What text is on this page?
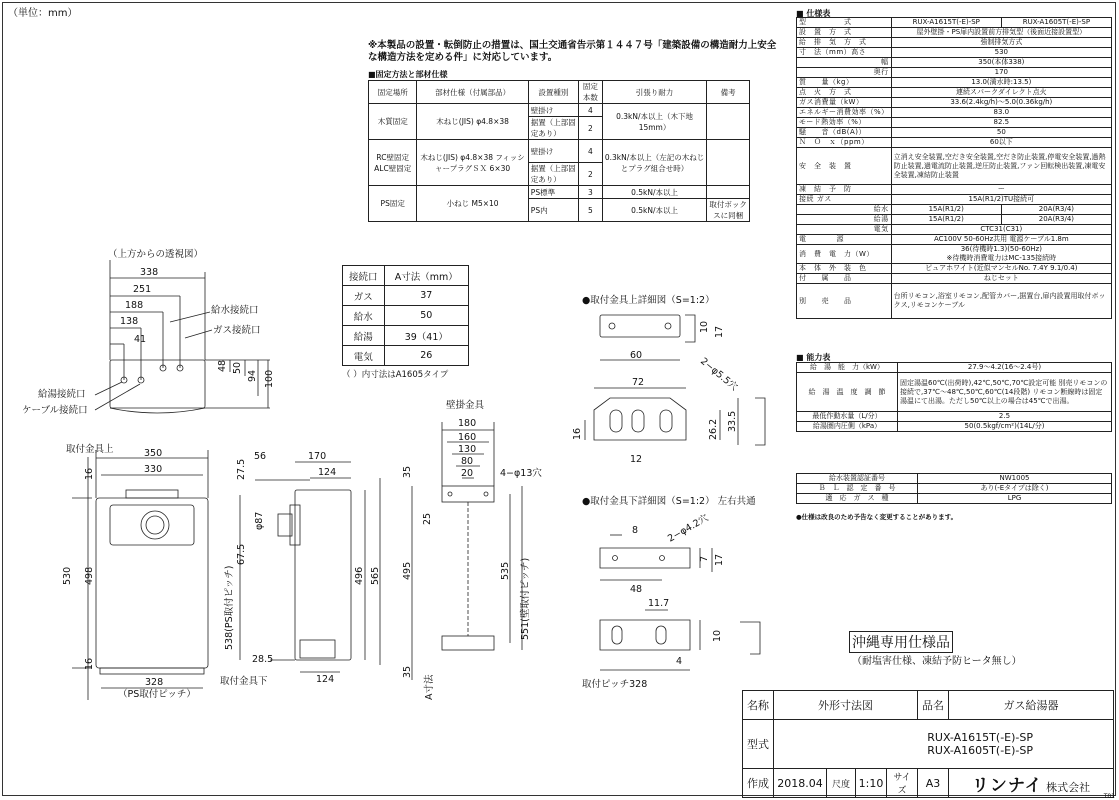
（単位：mm）
※本製品の設置・転倒防止の措置は、国土交通省告示第１４４７号「建築設備の構造耐力上安全な構造方法を定める件」に対応しています。
■固定方法と部材仕様
固定場所	部材仕様（付属部品）	設置種別	固定本数	引張り耐力	備考
木質固定	木ねじ(JIS) φ4.8×38	壁掛け	4	0.3kN/本以上（木下地15mm）	
		据置（上部固定あり）	2		
RC壁固定 ALC壁固定	木ねじ(JIS) φ4.8×38 フィッシャープラグＳＸ 6×30	壁掛け	4	0.3kN/本以上（左記の木ねじとプラグ組合せ時）	
		据置（上部固定あり）	2		
PS固定	小ねじ M5×10	PS標準	3	0.5kN/本以上	
		PS内	5	0.5kN/本以上	取付ボックスに同梱
接続口	A寸法（mm）
ガス	37
給水	50
給湯	39（41）
電気	26
（ ）内寸法はA1605タイプ
■ 仕様表
型　　　　　式	RUX-A1615T(-E)-SP	RUX-A1605T(-E)-SP
設　置　方　式	屋外壁掛・PS扉内設置前方排気型（後面近接設置型）	
給　排　気　方　式	強制排気方式	
寸　法（mm）高さ	530	
幅	350(本体338)	
奥行	170	
質　　量（kg）	13.0(満水時:13.5)	
点　火　方　式	連続スパークダイレクト点火	
ガス消費量（kW）	33.6(2.4kg/h)〜5.0(0.36kg/h)	
エネルギー消費効率（%）	83.0	
モード熱効率（%）	82.5	
騒　　音（dB(A)）	50	
Ｎ　Ｏ　ｘ（ppm）	60以下	
安　全　装　置	立消え安全装置,空だき安全装置,空だき防止装置,停電安全装置,過熱防止装置,過電流防止装置,逆圧防止装置,ファン回転検出装置,凍電安全装置,凍結防止装置	
凍　結　予　防	ー	
接続 ガス	15A(R1/2)TU接続可	
給水	15A(R1/2)	20A(R3/4)
給湯	15A(R1/2)	20A(R3/4)
電気	CTC31(C31)	
電　　　　源	AC100V 50-60Hz共用 電源ケーブル1.8m	
消　費　電　力（W）	36(待機時1.3)(50-60Hz)
※待機時消費電力はMC-135接続時	

本　体　外　装　色	ピュアホワイト(近似マンセルNo. 7.4Y 9.1/0.4)	
付　　属　　品	ねじセット	
別　　売　　品	台所リモコン,浴室リモコン,配管カバー,据置台,扉内設置用取付ボックス,リモコンケーブル	
■ 能力表
給　湯　能　力（kW）	27.9〜4.2(16〜2.4号)
給　湯　温　度　調　節	固定湯温60℃(出荷時),42℃,50℃,70℃設定可能 別売リモコンの接続で,37℃〜48℃,50℃,60℃(14段階) リモコン断線時は固定湯温にて出湯。ただし50℃以上の場合は45℃で出湯。
最低作動水量（L/分）	2.5
給湯圏内圧側（kPa）	50(0.5kgf/cm²)(14L/分)
給水装置認証番号	NW1005
Ｂ　Ｌ　認　定　番　号	あり(-Eタイプは除く)
適　応　ガ　ス　種	LPG
●仕様は改良のため予告なく変更することがあります。
沖縄専用仕様品
（耐塩害仕様、凍結予防ヒータ無し）
（上方からの透視図）
338
251
188
138
41
48 50
94 100
給水接続口
ガス接続口
給湯接続口
ケーブル接続口
取付金具上
取付金具下
（PS取付ピッチ）
壁掛金具
350
330
16
530 498
16
328
27.5
56	170
124
φ87
67.5
538(PS取付ピッチ)	496 565
28.5
124
180
160
130
80
20	4−φ13穴
35
25
495
35
535 551(壁取付ピッチ)
A寸法
●取付金具上詳細図（S=1:2）
10 17
60
2−φ5.5穴
72
33.5
16	26.2
12
●取付金具下詳細図（S=1:2） 左右共通
8	2−φ4.2穴
7 17
48
11.7
10
4
取付ピッチ328
名称	外形寸法図				品名	ガス給湯器
型式	RUX-A1615T(-E)-SP
RUX-A1605T(-E)-SP					

作成	2018.04	尺度	1:10	サイズ	A3	リンナイ 株式会社
T01
